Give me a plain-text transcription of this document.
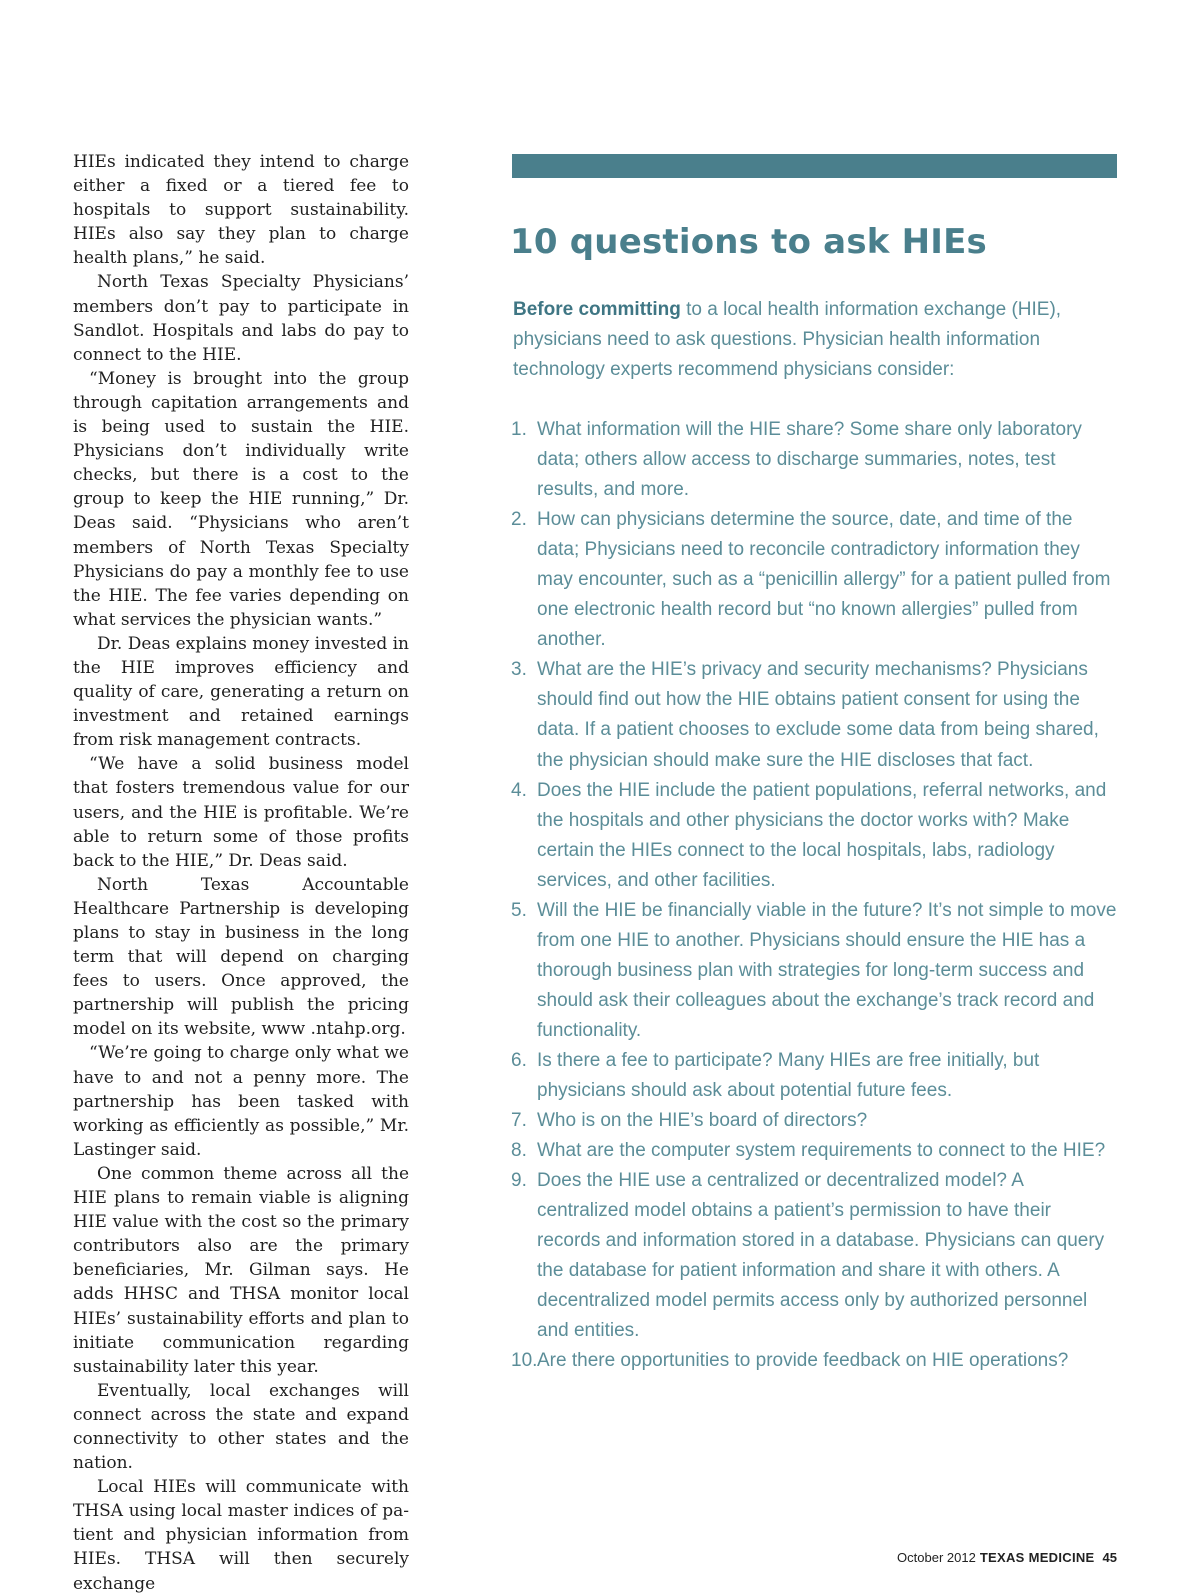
HIEs indicated they intend to charge either a fixed or a tiered fee to hospitals to support sustainability. HIEs also say they plan to charge health plans,” he said.

North Texas Specialty Physicians’ members don’t pay to participate in Sandlot. Hospitals and labs do pay to connect to the HIE.

“Money is brought into the group through capitation arrangements and is being used to sustain the HIE. Physicians don’t individually write checks, but there is a cost to the group to keep the HIE running,” Dr. Deas said. “Physicians who aren’t members of North Texas Specialty Physicians do pay a monthly fee to use the HIE. The fee varies depending on what services the physician wants.”

Dr. Deas explains money invested in the HIE improves efficiency and quality of care, generating a return on investment and retained earnings from risk management contracts.

“We have a solid business model that fosters tremendous value for our users, and the HIE is profitable. We’re able to return some of those profits back to the HIE,” Dr. Deas said.

North Texas Accountable Healthcare Partnership is developing plans to stay in business in the long term that will depend on charging fees to users. Once approved, the partnership will publish the pricing model on its website, www .ntahp.org.

“We’re going to charge only what we have to and not a penny more. The partnership has been tasked with working as efficiently as possible,” Mr. Lastinger said.

One common theme across all the HIE plans to remain viable is aligning HIE value with the cost so the primary contributors also are the primary beneficiaries, Mr. Gilman says. He adds HHSC and THSA monitor local HIEs’ sustainability efforts and plan to initiate communication regarding sustainability later this year.

Eventually, local exchanges will connect across the state and expand connectivity to other states and the nation.

Local HIEs will communicate with THSA using local master indices of patient and physician information from HIEs. THSA will then securely exchange

10 questions to ask HIEs

Before committing to a local health information exchange (HIE), physicians need to ask questions. Physician health information technology experts recommend physicians consider:

1. What information will the HIE share? Some share only laboratory data; others allow access to discharge summaries, notes, test results, and more.
2. How can physicians determine the source, date, and time of the data; Physicians need to reconcile contradictory information they may encounter, such as a “penicillin allergy” for a patient pulled from one electronic health record but “no known allergies” pulled from another.
3. What are the HIE’s privacy and security mechanisms? Physicians should find out how the HIE obtains patient consent for using the data. If a patient chooses to exclude some data from being shared, the physician should make sure the HIE discloses that fact.
4. Does the HIE include the patient populations, referral networks, and the hospitals and other physicians the doctor works with? Make certain the HIEs connect to the local hospitals, labs, radiology services, and other facilities.
5. Will the HIE be financially viable in the future? It’s not simple to move from one HIE to another. Physicians should ensure the HIE has a thorough business plan with strategies for long-term success and should ask their colleagues about the exchange’s track record and functionality.
6. Is there a fee to participate? Many HIEs are free initially, but physicians should ask about potential future fees.
7. Who is on the HIE’s board of directors?
8. What are the computer system requirements to connect to the HIE?
9. Does the HIE use a centralized or decentralized model? A centralized model obtains a patient’s permission to have their records and information stored in a database. Physicians can query the database for patient information and share it with others. A decentralized model permits access only by authorized personnel and entities.
10. Are there opportunities to provide feedback on HIE operations?
October 2012 TEXAS MEDICINE 45
